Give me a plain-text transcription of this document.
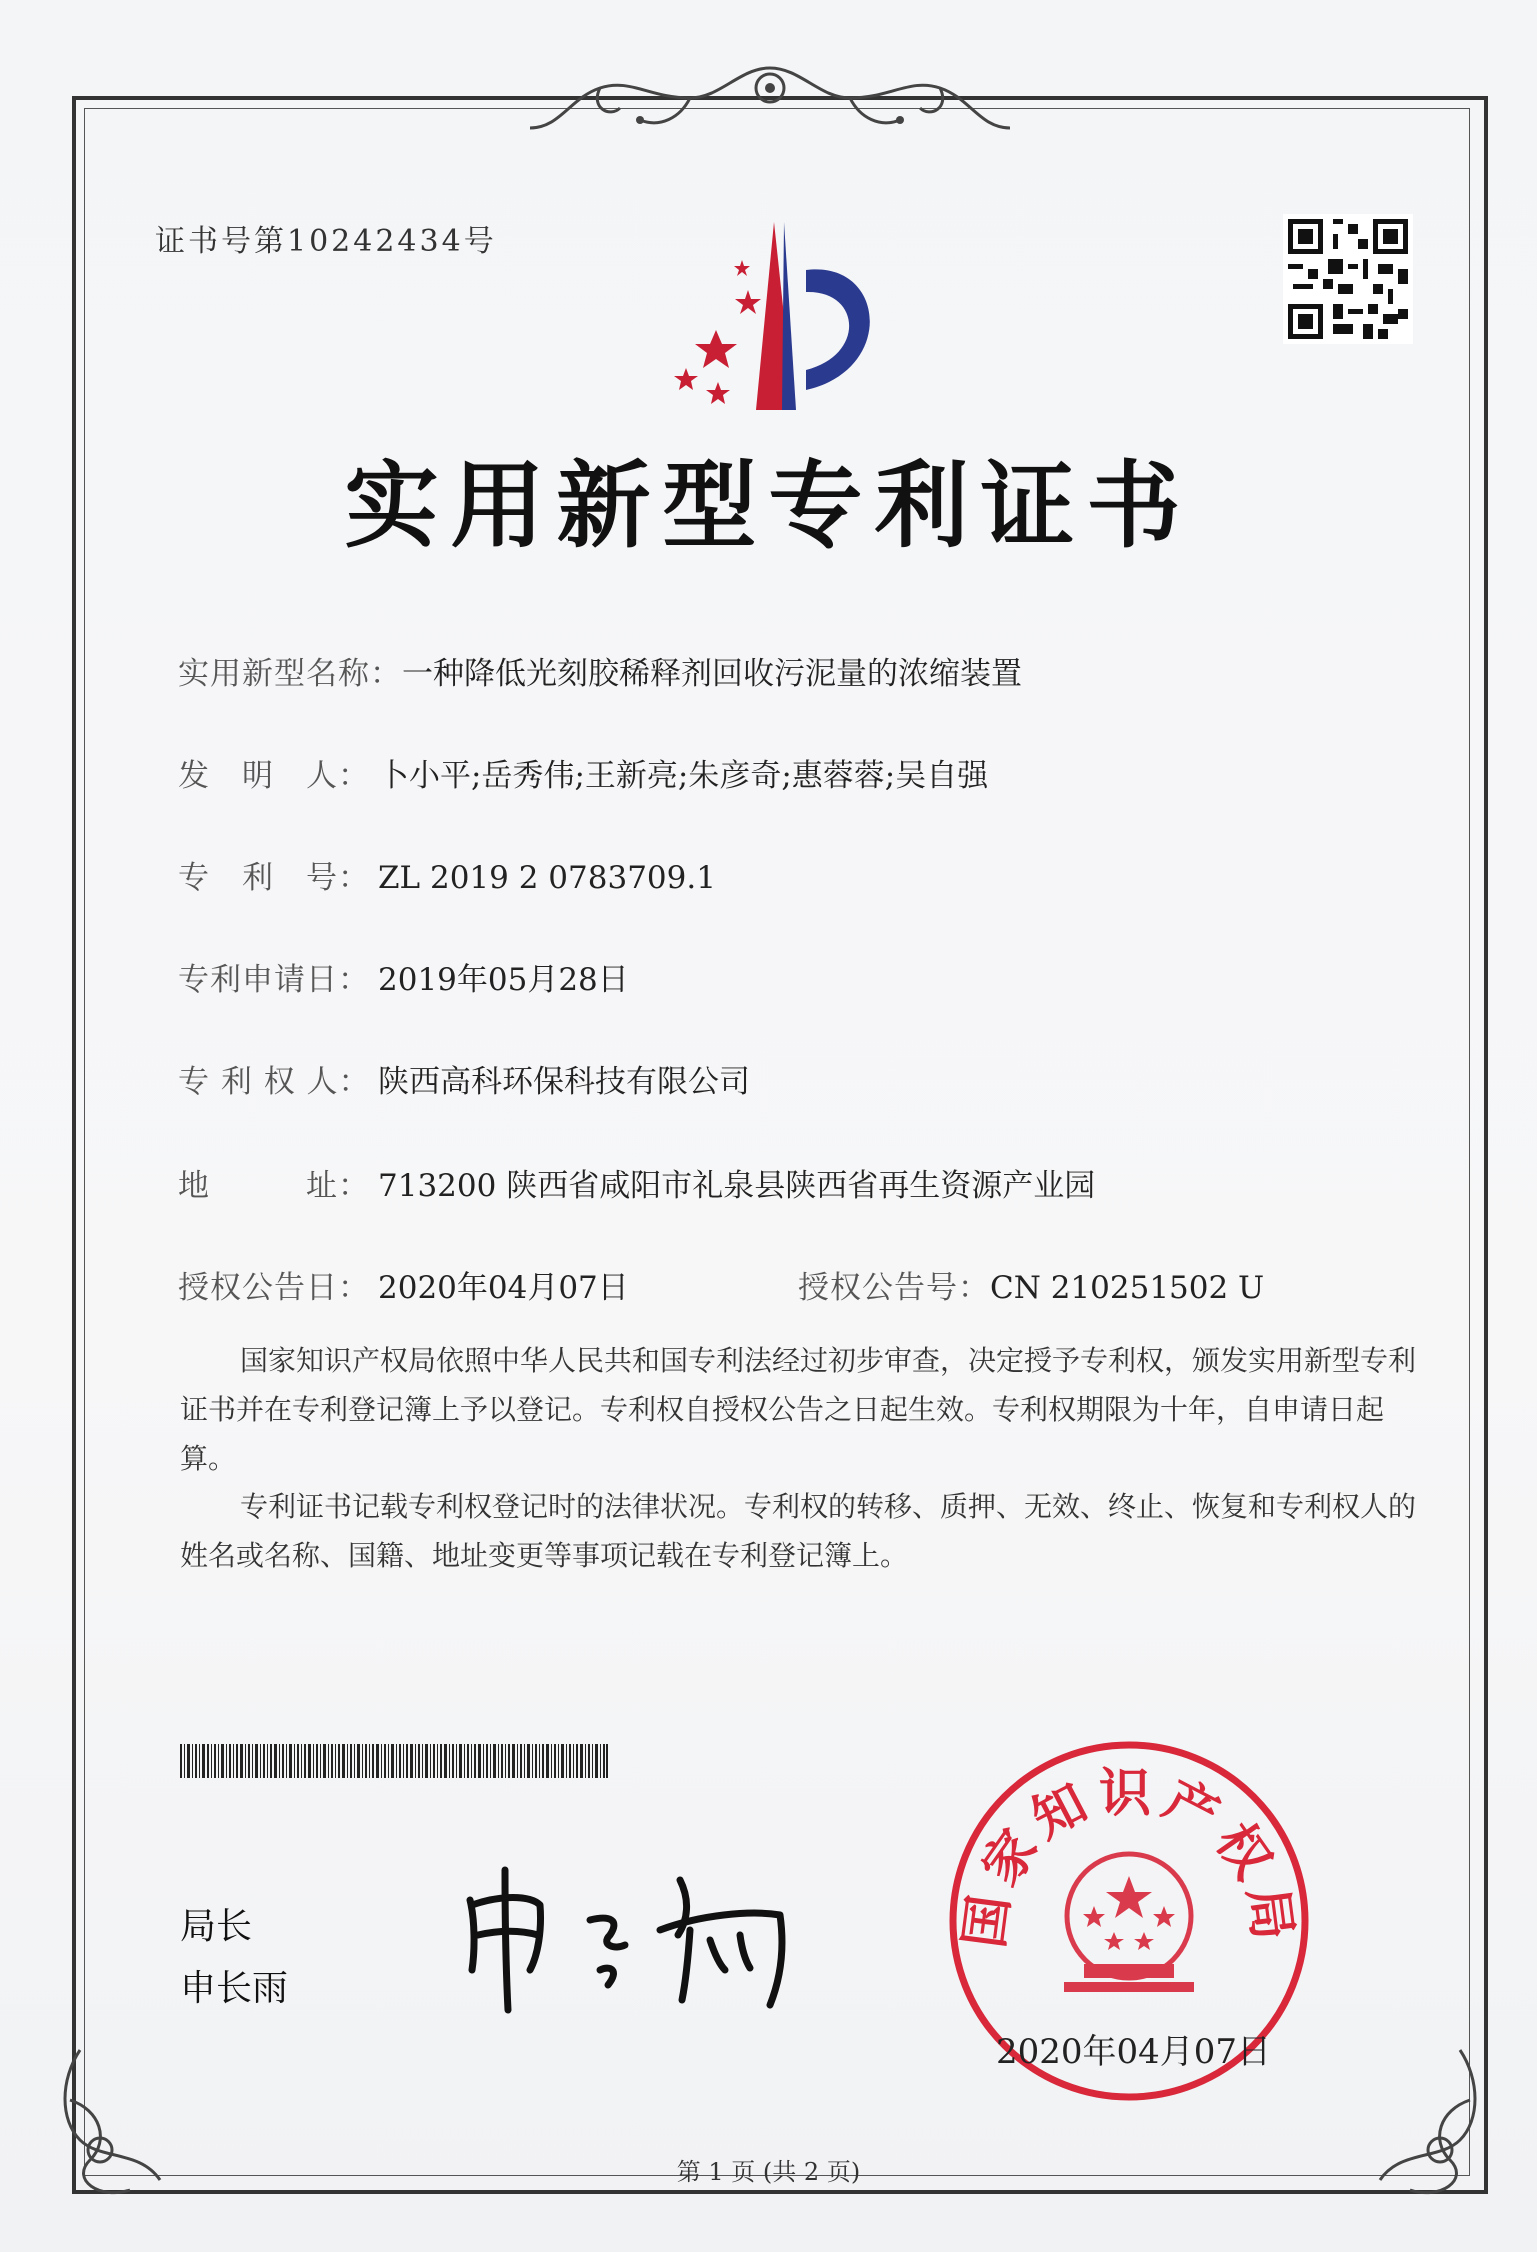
证书号第10242434号
实用新型专利证书
实用新型名称：一种降低光刻胶稀释剂回收污泥量的浓缩装置
发　明　人： 卜小平;岳秀伟;王新亮;朱彦奇;惠蓉蓉;吴自强
专　利　号： ZL 2019 2 0783709.1
专利申请日： 2019年05月28日
专 利 权 人： 陕西高科环保科技有限公司
地　　　址： 713200 陕西省咸阳市礼泉县陕西省再生资源产业园
授权公告日： 2020年04月07日	授权公告号：CN 210251502 U
国家知识产权局依照中华人民共和国专利法经过初步审查，决定授予专利权，颁发实用新型专利证书并在专利登记簿上予以登记。专利权自授权公告之日起生效。专利权期限为十年，自申请日起算。
专利证书记载专利权登记时的法律状况。专利权的转移、质押、无效、终止、恢复和专利权人的姓名或名称、国籍、地址变更等事项记载在专利登记簿上。
局长
申长雨
国家知识产权局
2020年04月07日
第 1 页 (共 2 页)
